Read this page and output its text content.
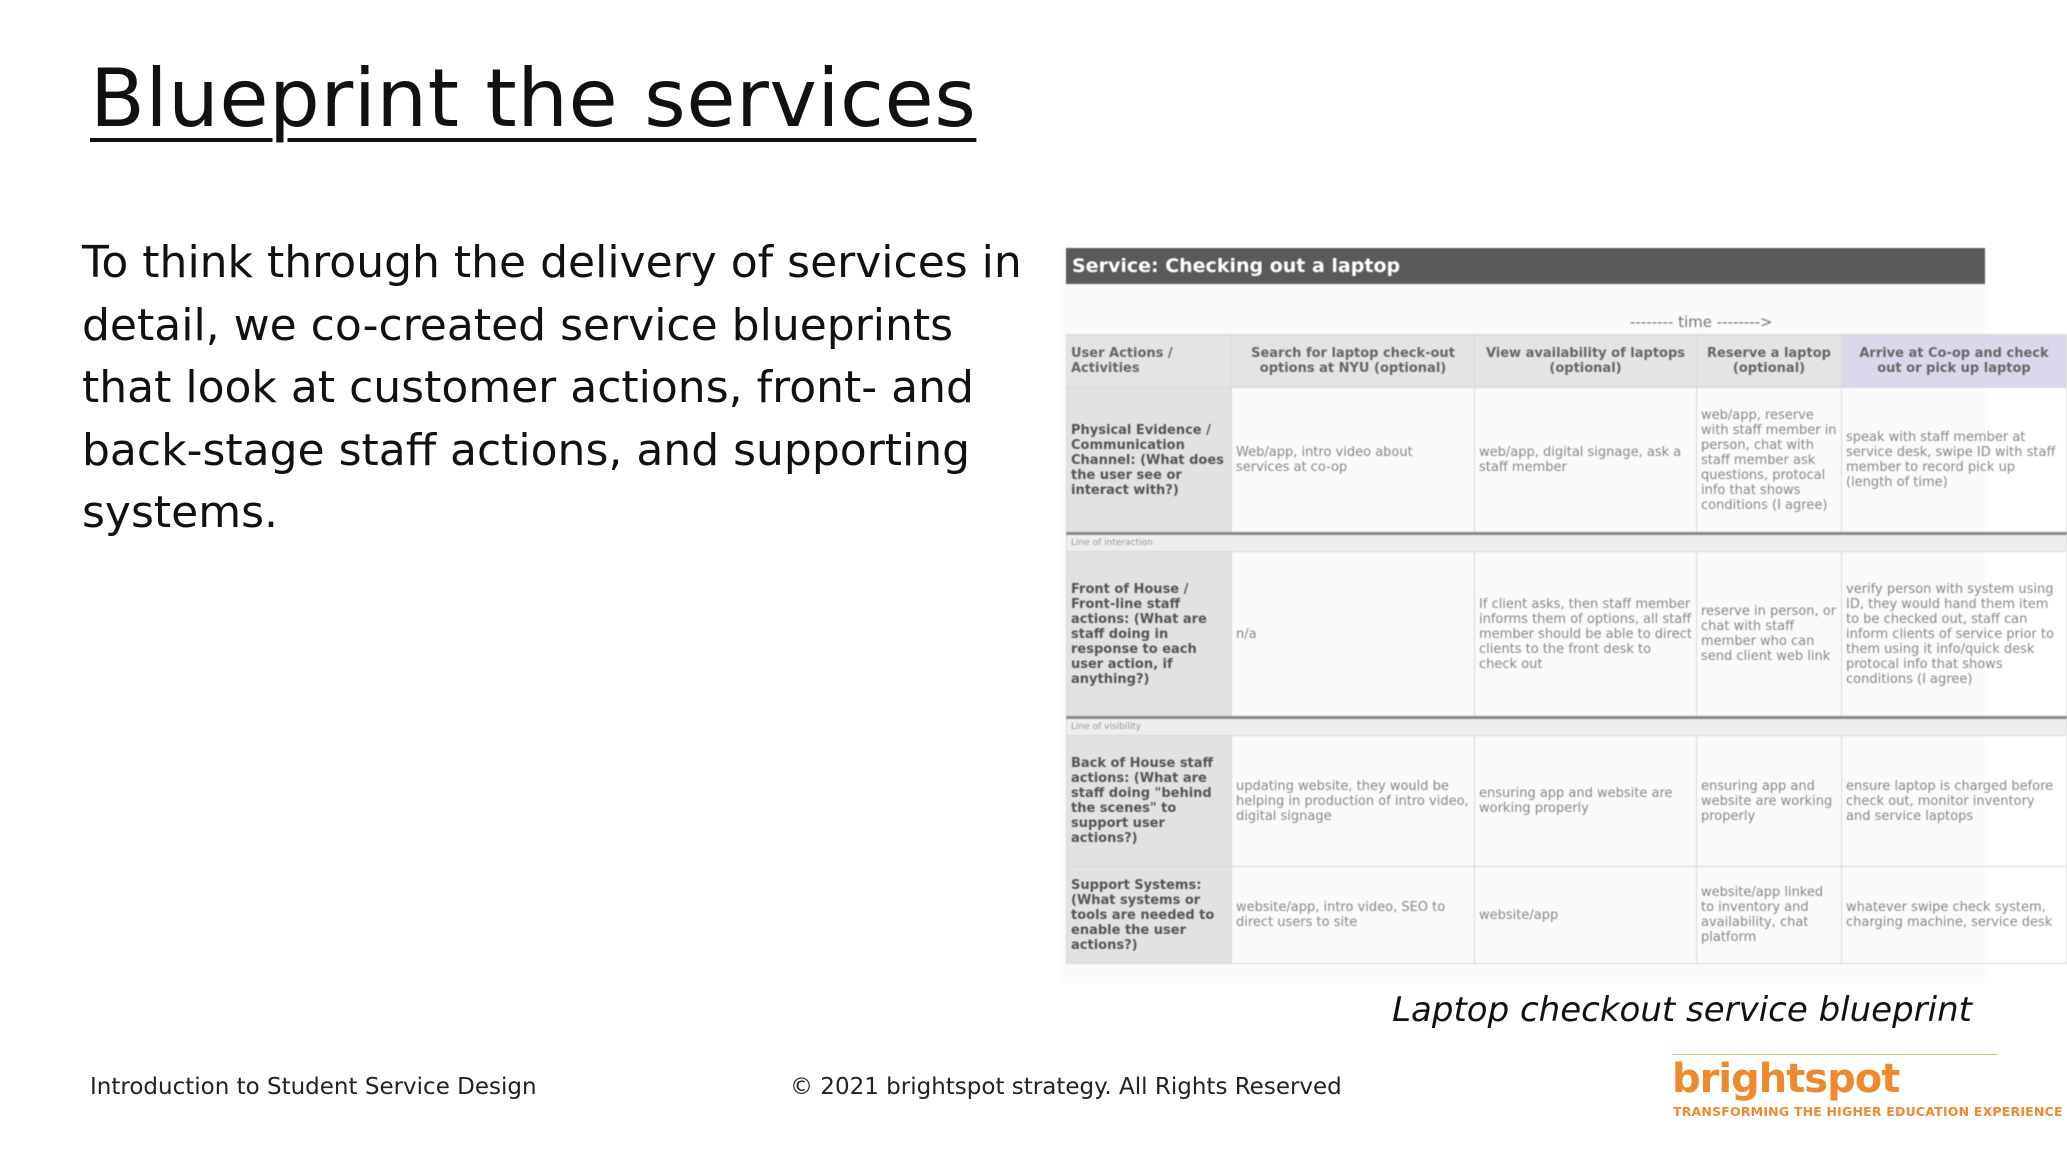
Blueprint the services

To think through the delivery of services in detail, we co-created service blueprints that look at customer actions, front- and back-stage staff actions, and supporting systems.

Service: Checking out a laptop
-------- time -------->
User Actions / Activities	Search for laptop check-out options at NYU (optional)	View availability of laptops (optional)	Reserve a laptop (optional)	Arrive at Co-op and check out or pick up laptop
Physical Evidence / Communication Channel: (What does the user see or interact with?)	Web/app, intro video about services at co-op	web/app, digital signage, ask a staff member	web/app, reserve with staff member in person, chat with staff member ask questions, protocal info that shows conditions (I agree)	speak with staff member at service desk, swipe ID with staff member to record pick up (length of time)
Line of interaction				
Front of House / Front-line staff actions: (What are staff doing in response to each user action, if anything?)	n/a	If client asks, then staff member informs them of options, all staff member should be able to direct clients to the front desk to check out	reserve in person, or chat with staff member who can send client web link	verify person with system using ID, they would hand them item to be checked out, staff can inform clients of service prior to them using it info/quick desk protocal info that shows conditions (I agree)
Line of visibility				
Back of House staff actions: (What are staff doing "behind the scenes" to support user actions?)	updating website, they would be helping in production of intro video, digital signage	ensuring app and website are working properly	ensuring app and website are working properly	ensure laptop is charged before check out, monitor inventory and service laptops
Support Systems: (What systems or tools are needed to enable the user actions?)	website/app, intro video, SEO to direct users to site	website/app	website/app linked to inventory and availability, chat platform	whatever swipe check system, charging machine, service desk

Laptop checkout service blueprint

Introduction to Student Service Design	© 2021 brightspot strategy. All Rights Reserved	brightspot
TRANSFORMING THE HIGHER EDUCATION EXPERIENCE
